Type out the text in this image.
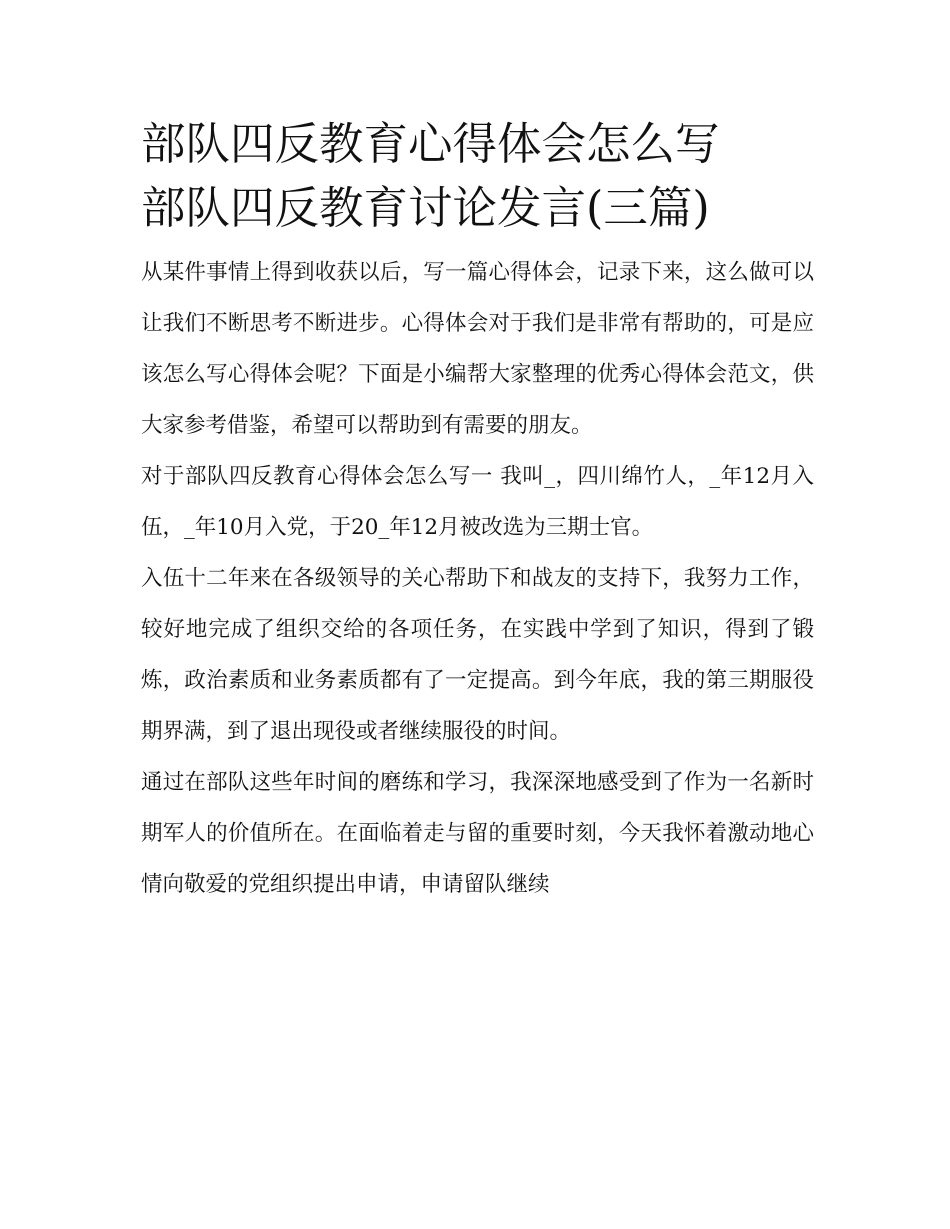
部队四反教育心得体会怎么写
部队四反教育讨论发言(三篇)

从某件事情上得到收获以后，写一篇心得体会，记录下来，这么做可以让我们不断思考不断进步。心得体会对于我们是非常有帮助的，可是应该怎么写心得体会呢？下面是小编帮大家整理的优秀心得体会范文，供大家参考借鉴，希望可以帮助到有需要的朋友。

对于部队四反教育心得体会怎么写一 我叫_，四川绵竹人，_年12月入伍，_年10月入党，于20_年12月被改选为三期士官。

入伍十二年来在各级领导的关心帮助下和战友的支持下，我努力工作，较好地完成了组织交给的各项任务，在实践中学到了知识，得到了锻炼，政治素质和业务素质都有了一定提高。到今年底，我的第三期服役期界满，到了退出现役或者继续服役的时间。

通过在部队这些年时间的磨练和学习，我深深地感受到了作为一名新时期军人的价值所在。在面临着走与留的重要时刻，今天我怀着激动地心情向敬爱的党组织提出申请，申请留队继续
